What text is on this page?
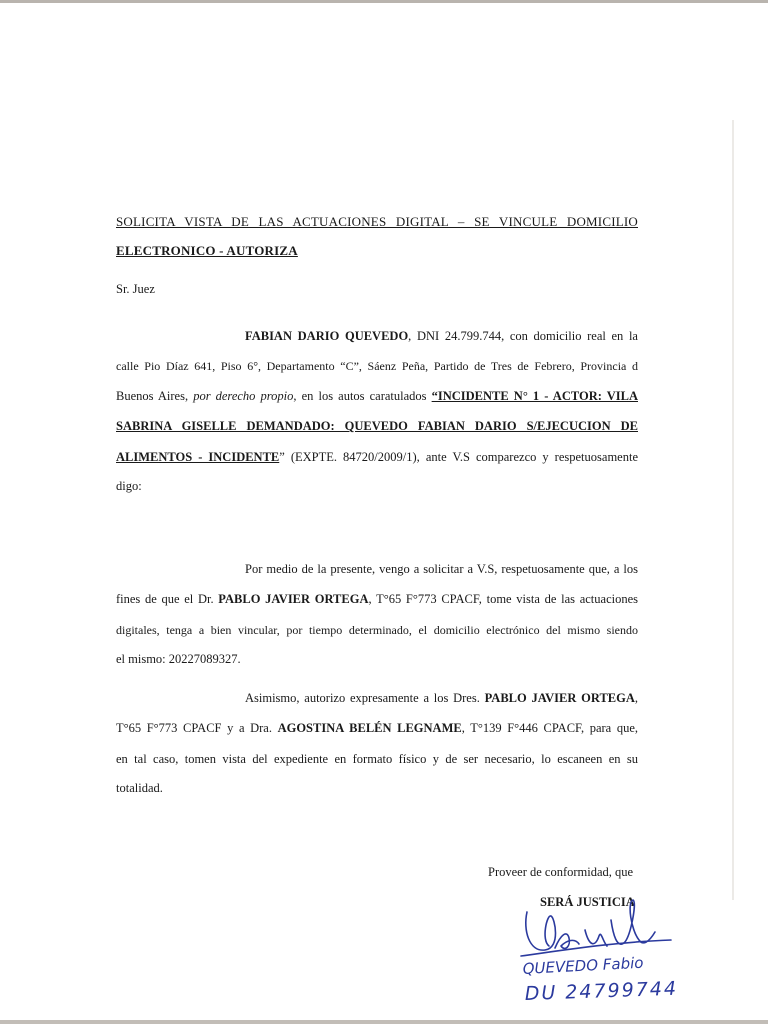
SOLICITA VISTA DE LAS ACTUACIONES DIGITAL – SE VINCULE DOMICILIO
ELECTRONICO - AUTORIZA
Sr. Juez
FABIAN DARIO QUEVEDO, DNI 24.799.744, con domicilio real en la
calle Pio Díaz 641, Piso 6°, Departamento “C”, Sáenz Peña, Partido de Tres de Febrero, Provincia d
Buenos Aires, por derecho propio, en los autos caratulados “INCIDENTE N° 1 - ACTOR: VILA
SABRINA GISELLE DEMANDADO: QUEVEDO FABIAN DARIO S/EJECUCION DE
ALIMENTOS - INCIDENTE” (EXPTE. 84720/2009/1), ante V.S comparezco y respetuosamente
digo:
Por medio de la presente, vengo a solicitar a V.S, respetuosamente que, a los
fines de que el Dr. PABLO JAVIER ORTEGA, T°65 F°773 CPACF, tome vista de las actuaciones
digitales, tenga a bien vincular, por tiempo determinado, el domicilio electrónico del mismo siendo
el mismo: 20227089327.
Asimismo, autorizo expresamente a los Dres. PABLO JAVIER ORTEGA,
T°65 F°773 CPACF y a Dra. AGOSTINA BELÉN LEGNAME, T°139 F°446 CPACF, para que,
en tal caso, tomen vista del expediente en formato físico y de ser necesario, lo escaneen en su
totalidad.
Proveer de conformidad, que
SERÁ JUSTICIA
QUEVEDO Fabio
DU 24799744
